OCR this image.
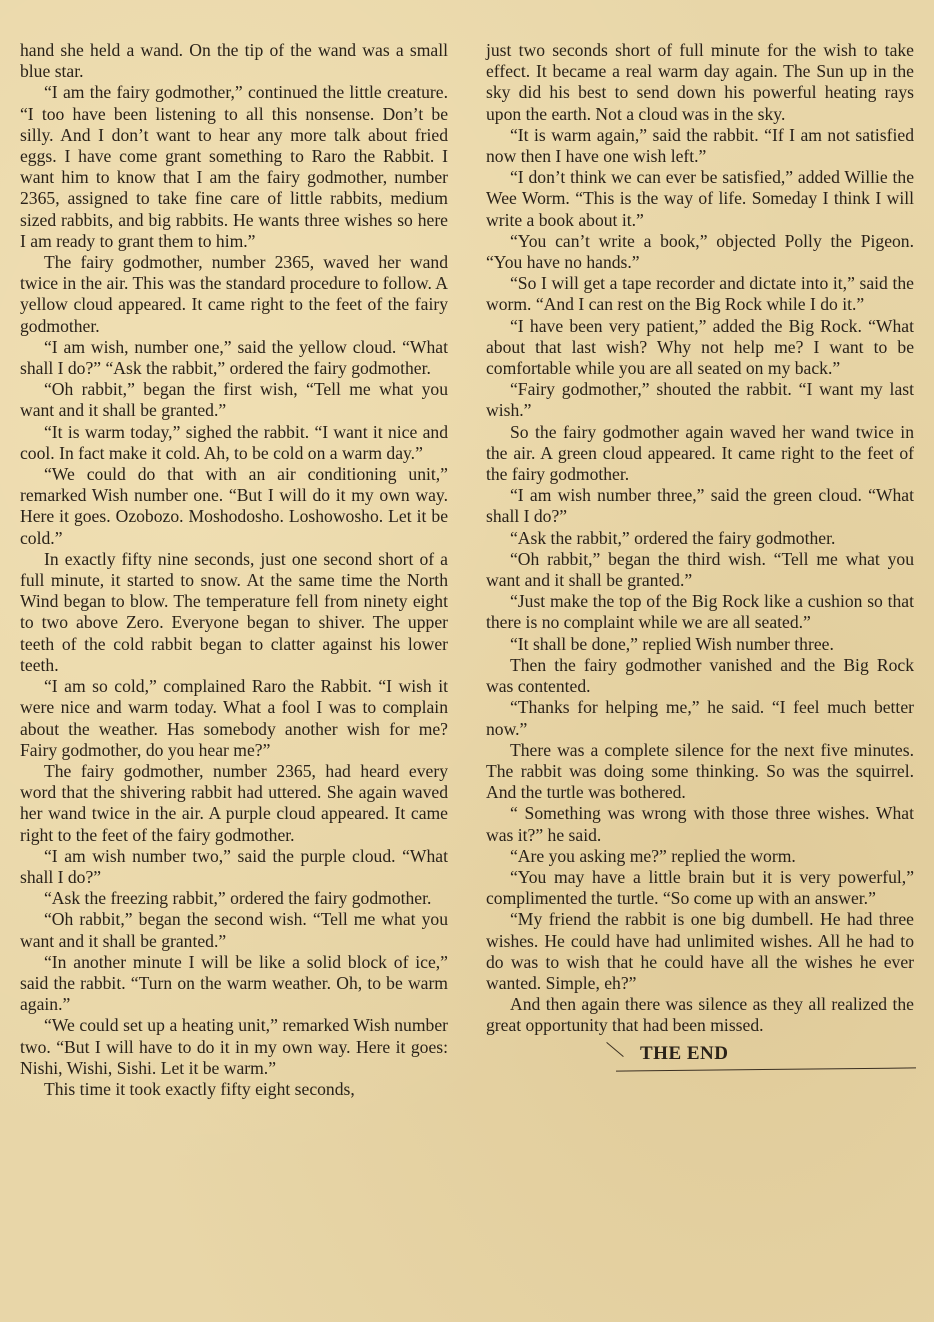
hand she held a wand. On the tip of the wand was a small blue star.

“I am the fairy godmother,” continued the little creature. “I too have been listening to all this nonsense. Don’t be silly. And I don’t want to hear any more talk about fried eggs. I have come grant something to Raro the Rabbit. I want him to know that I am the fairy godmother, number 2365, assigned to take fine care of little rabbits, medium sized rabbits, and big rabbits. He wants three wishes so here I am ready to grant them to him.”

The fairy godmother, number 2365, waved her wand twice in the air. This was the standard procedure to follow. A yellow cloud appeared. It came right to the feet of the fairy godmother.

“I am wish, number one,” said the yellow cloud. “What shall I do?” “Ask the rabbit,” ordered the fairy godmother.

“Oh rabbit,” began the first wish, “Tell me what you want and it shall be granted.”

“It is warm today,” sighed the rabbit. “I want it nice and cool. In fact make it cold. Ah, to be cold on a warm day.”

“We could do that with an air conditioning unit,” remarked Wish number one. “But I will do it my own way. Here it goes. Ozobozo. Moshodosho. Loshowosho. Let it be cold.”

In exactly fifty nine seconds, just one second short of a full minute, it started to snow. At the same time the North Wind began to blow. The temperature fell from ninety eight to two above Zero. Everyone began to shiver. The upper teeth of the cold rabbit began to clatter against his lower teeth.

“I am so cold,” complained Raro the Rabbit. “I wish it were nice and warm today. What a fool I was to complain about the weather. Has somebody another wish for me? Fairy godmother, do you hear me?”

The fairy godmother, number 2365, had heard every word that the shivering rabbit had uttered. She again waved her wand twice in the air. A purple cloud appeared. It came right to the feet of the fairy godmother.

“I am wish number two,” said the purple cloud. “What shall I do?”

“Ask the freezing rabbit,” ordered the fairy godmother.

“Oh rabbit,” began the second wish. “Tell me what you want and it shall be granted.”

“In another minute I will be like a solid block of ice,” said the rabbit. “Turn on the warm weather. Oh, to be warm again.”

“We could set up a heating unit,” remarked Wish number two. “But I will have to do it in my own way. Here it goes: Nishi, Wishi, Sishi. Let it be warm.”

This time it took exactly fifty eight seconds,

just two seconds short of full minute for the wish to take effect. It became a real warm day again. The Sun up in the sky did his best to send down his powerful heating rays upon the earth. Not a cloud was in the sky.

“It is warm again,” said the rabbit. “If I am not satisfied now then I have one wish left.”

“I don’t think we can ever be satisfied,” added Willie the Wee Worm. “This is the way of life. Someday I think I will write a book about it.”

“You can’t write a book,” objected Polly the Pigeon. “You have no hands.”

“So I will get a tape recorder and dictate into it,” said the worm. “And I can rest on the Big Rock while I do it.”

“I have been very patient,” added the Big Rock. “What about that last wish? Why not help me? I want to be comfortable while you are all seated on my back.”

“Fairy godmother,” shouted the rabbit. “I want my last wish.”

So the fairy godmother again waved her wand twice in the air. A green cloud appeared. It came right to the feet of the fairy godmother.

“I am wish number three,” said the green cloud. “What shall I do?”

“Ask the rabbit,” ordered the fairy godmother.

“Oh rabbit,” began the third wish. “Tell me what you want and it shall be granted.”

“Just make the top of the Big Rock like a cushion so that there is no complaint while we are all seated.”

“It shall be done,” replied Wish number three.

Then the fairy godmother vanished and the Big Rock was contented.

“Thanks for helping me,” he said. “I feel much better now.”

There was a complete silence for the next five minutes. The rabbit was doing some thinking. So was the squirrel. And the turtle was bothered.

“ Something was wrong with those three wishes. What was it?” he said.

“Are you asking me?” replied the worm.

“You may have a little brain but it is very powerful,” complimented the turtle. “So come up with an answer.”

“My friend the rabbit is one big dumbell. He had three wishes. He could have had unlimited wishes. All he had to do was to wish that he could have all the wishes he ever wanted. Simple, eh?”

And then again there was silence as they all realized the great opportunity that had been missed.

THE END
